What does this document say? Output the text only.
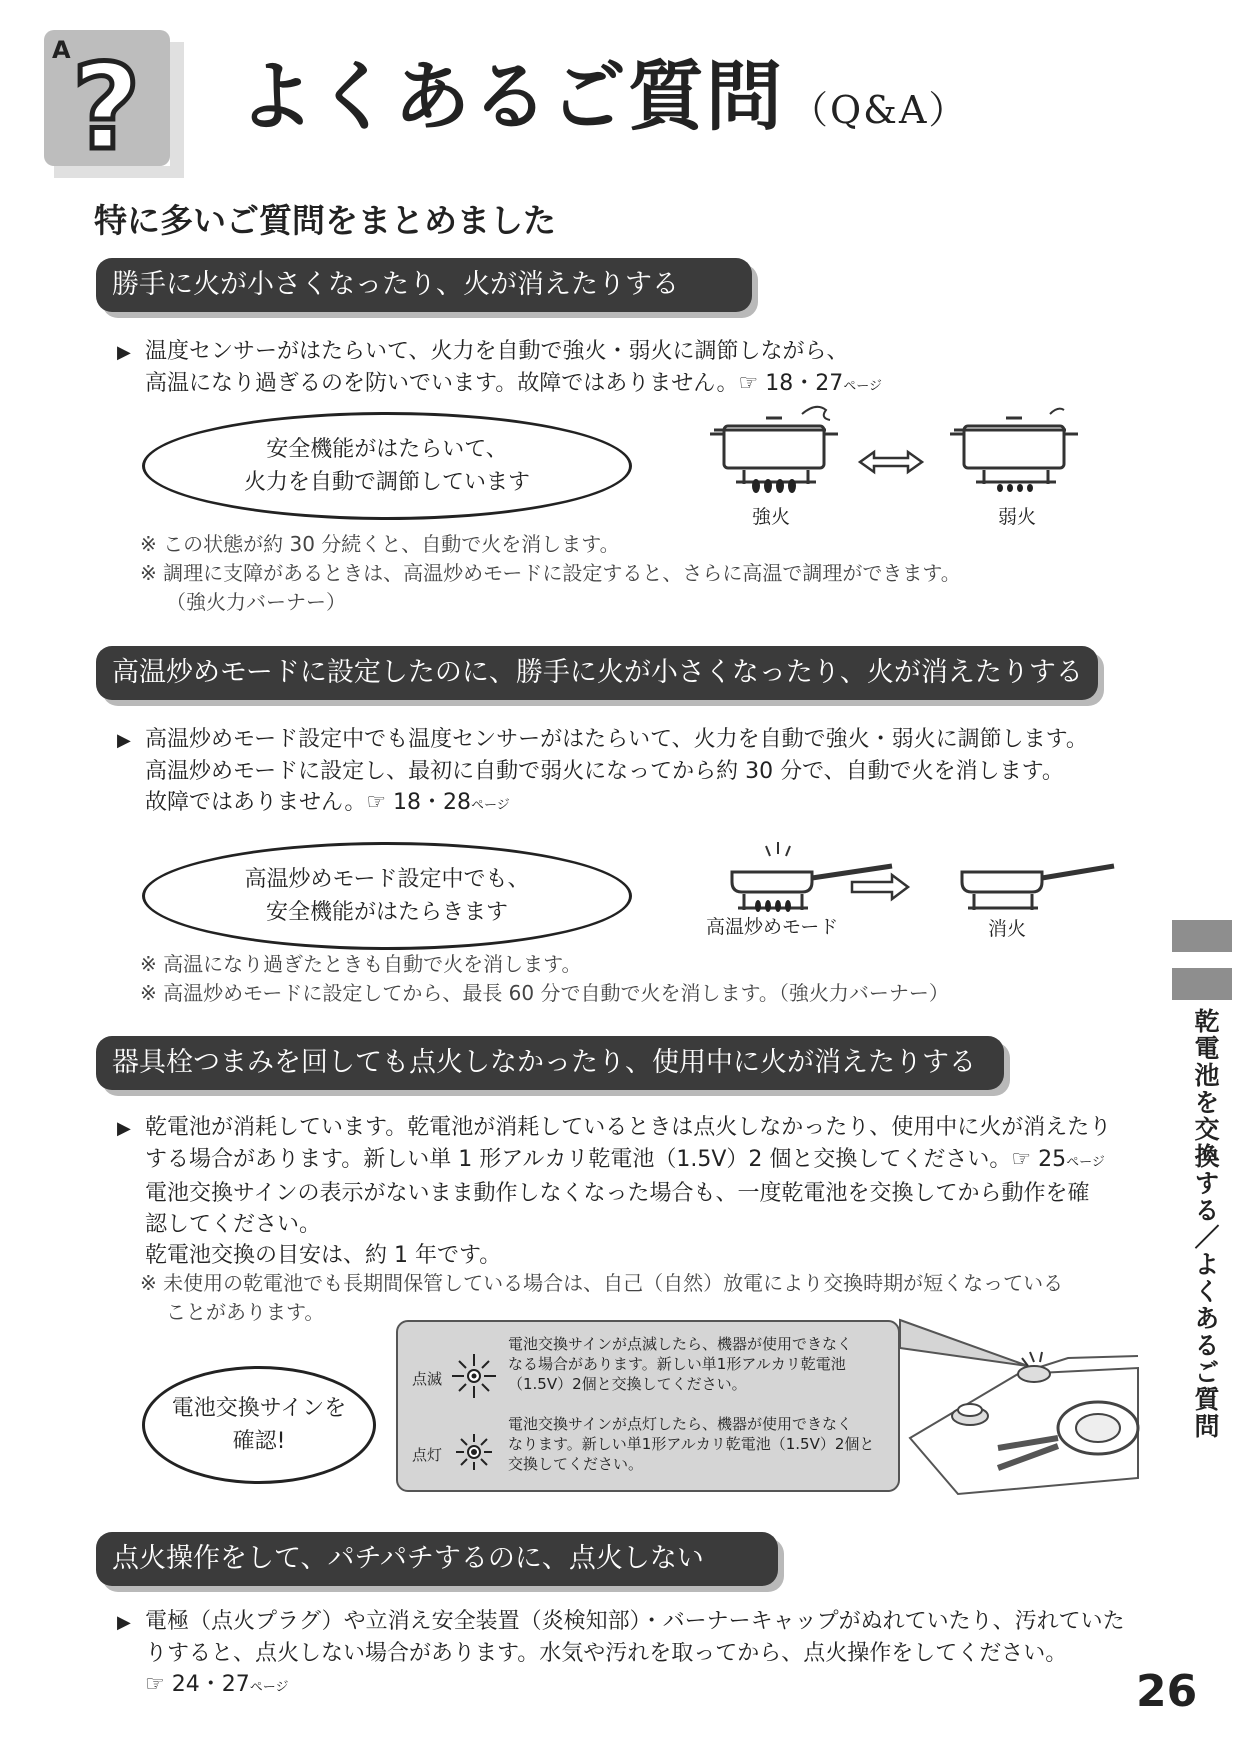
A ? よくあるご質問 （Q&A）
特に多いご質問をまとめました
勝手に火が小さくなったり、火が消えたりする
▶ 温度センサーがはたらいて、火力を自動で強火・弱火に調節しながら、
高温になり過ぎるのを防いでいます。故障ではありません。☞ 18・27ページ
安全機能がはたらいて、
火力を自動で調節しています
強火	弱火
※ この状態が約 30 分続くと、自動で火を消します。
※ 調理に支障があるときは、高温炒めモードに設定すると、さらに高温で調理ができます。
（強火力バーナー）
高温炒めモードに設定したのに、勝手に火が小さくなったり、火が消えたりする
▶ 高温炒めモード設定中でも温度センサーがはたらいて、火力を自動で強火・弱火に調節します。
高温炒めモードに設定し、最初に自動で弱火になってから約 30 分で、自動で火を消します。
故障ではありません。☞ 18・28ページ
高温炒めモード設定中でも、
安全機能がはたらきます
高温炒めモード	消火
※ 高温になり過ぎたときも自動で火を消します。
※ 高温炒めモードに設定してから、最長 60 分で自動で火を消します。（強火力バーナー）
器具栓つまみを回しても点火しなかったり、使用中に火が消えたりする
▶ 乾電池が消耗しています。乾電池が消耗しているときは点火しなかったり、使用中に火が消えたり
する場合があります。新しい単 1 形アルカリ乾電池（1.5V）2 個と交換してください。☞ 25ページ
電池交換サインの表示がないまま動作しなくなった場合も、一度乾電池を交換してから動作を確
認してください。
乾電池交換の目安は、約 1 年です。
※ 未使用の乾電池でも長期間保管している場合は、自己（自然）放電により交換時期が短くなっている
ことがあります。
電池交換サインを
確認!
点滅
電池交換サインが点滅したら、機器が使用できなく
なる場合があります。新しい単1形アルカリ乾電池
（1.5V）2個と交換してください。
点灯
電池交換サインが点灯したら、機器が使用できなく
なります。新しい単1形アルカリ乾電池（1.5V）2個と
交換してください。
点火操作をして、パチパチするのに、点火しない
▶ 電極（点火プラグ）や立消え安全装置（炎検知部）・バーナーキャップがぬれていたり、汚れていた
りすると、点火しない場合があります。水気や汚れを取ってから、点火操作をしてください。
☞ 24・27ページ
乾電池を交換する／よくあるご質問
26
